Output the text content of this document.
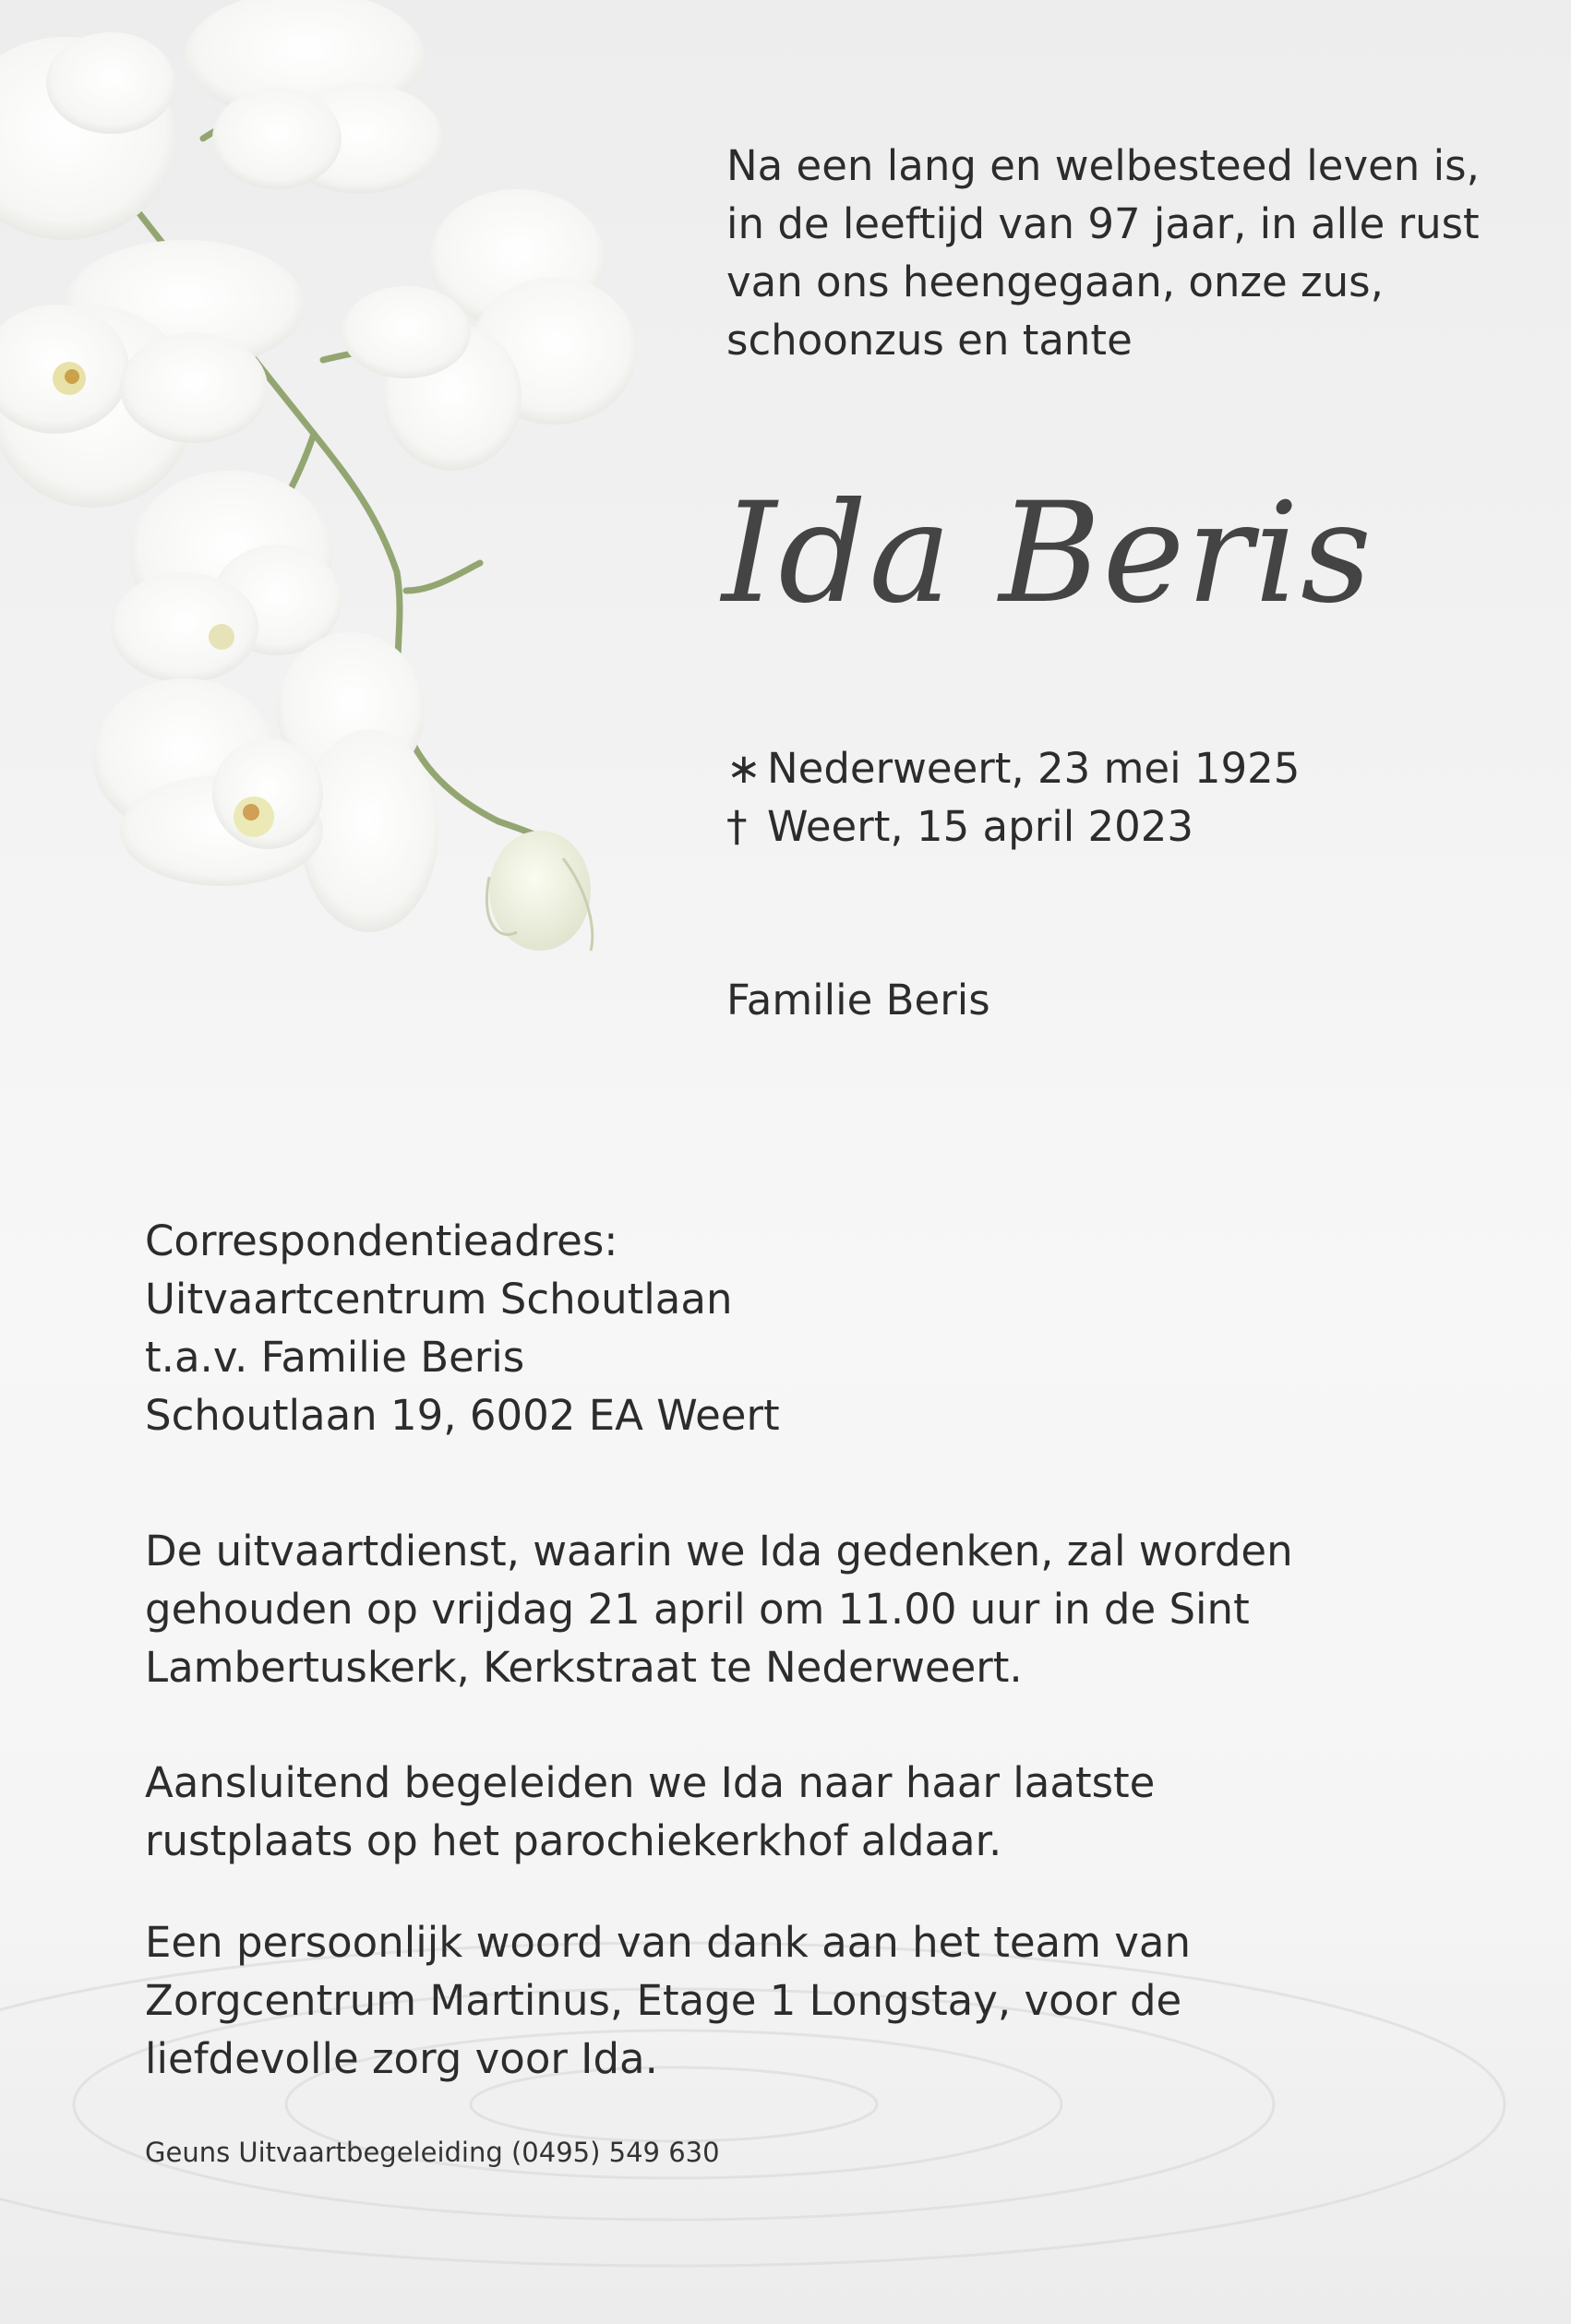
Na een lang en welbesteed leven is,
in de leeftijd van 97 jaar, in alle rust
van ons heengegaan, onze zus,
schoonzus en tante

Ida Beris
∗ Nederweert, 23 mei 1925
† Weert, 15 april 2023
Familie Beris
Correspondentieadres:
Uitvaartcentrum Schoutlaan
t.a.v. Familie Beris
Schoutlaan 19, 6002 EA Weert
De uitvaartdienst, waarin we Ida gedenken, zal worden
gehouden op vrijdag 21 april om 11.00 uur in de Sint
Lambertuskerk, Kerkstraat te Nederweert.
Aansluitend begeleiden we Ida naar haar laatste
rustplaats op het parochiekerkhof aldaar.
Een persoonlijk woord van dank aan het team van
Zorgcentrum Martinus, Etage 1 Longstay, voor de
liefdevolle zorg voor Ida.
Geuns Uitvaartbegeleiding (0495) 549 630
